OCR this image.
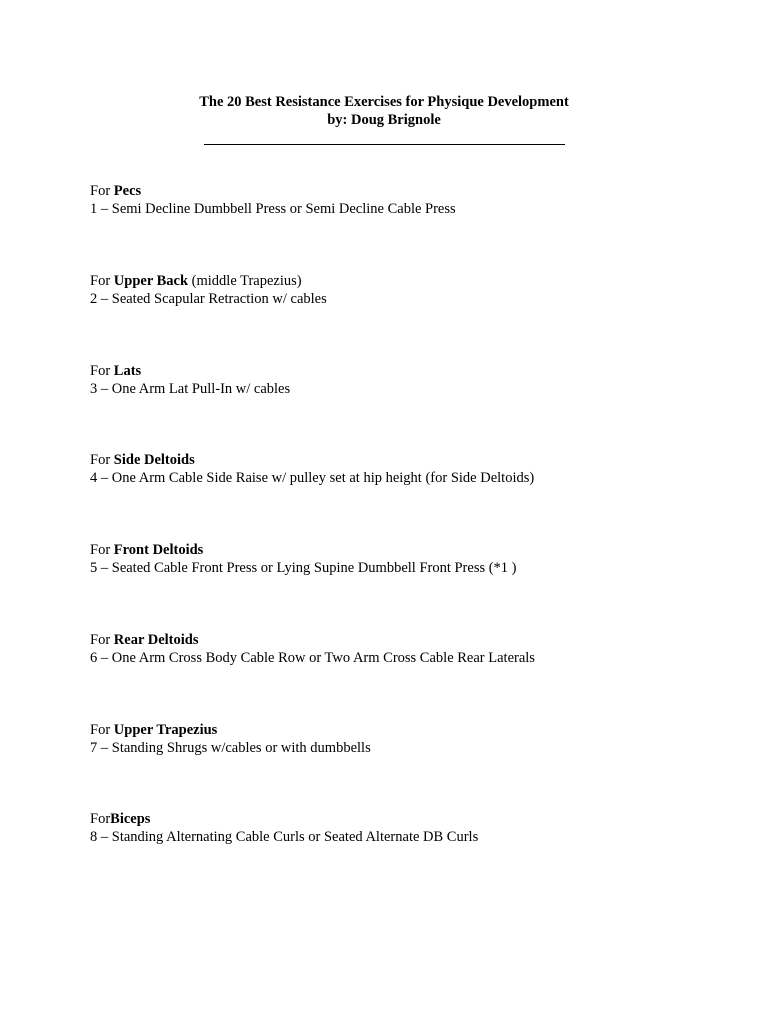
The 20 Best Resistance Exercises for Physique Development
by: Doug Brignole
For Pecs
1 – Semi Decline Dumbbell Press or Semi Decline Cable Press
For Upper Back (middle Trapezius)
2 – Seated Scapular Retraction w/ cables
For Lats
3 – One Arm Lat Pull-In w/ cables
For Side Deltoids
4 – One Arm Cable Side Raise w/ pulley set at hip height (for Side Deltoids)
For Front Deltoids
5 – Seated Cable Front Press or Lying Supine Dumbbell Front Press (*1 )
For Rear Deltoids
6 – One Arm Cross Body Cable Row or Two Arm Cross Cable Rear Laterals
For Upper Trapezius
7 – Standing Shrugs w/cables or with dumbbells
ForBiceps
8 – Standing Alternating Cable Curls or Seated Alternate DB Curls
